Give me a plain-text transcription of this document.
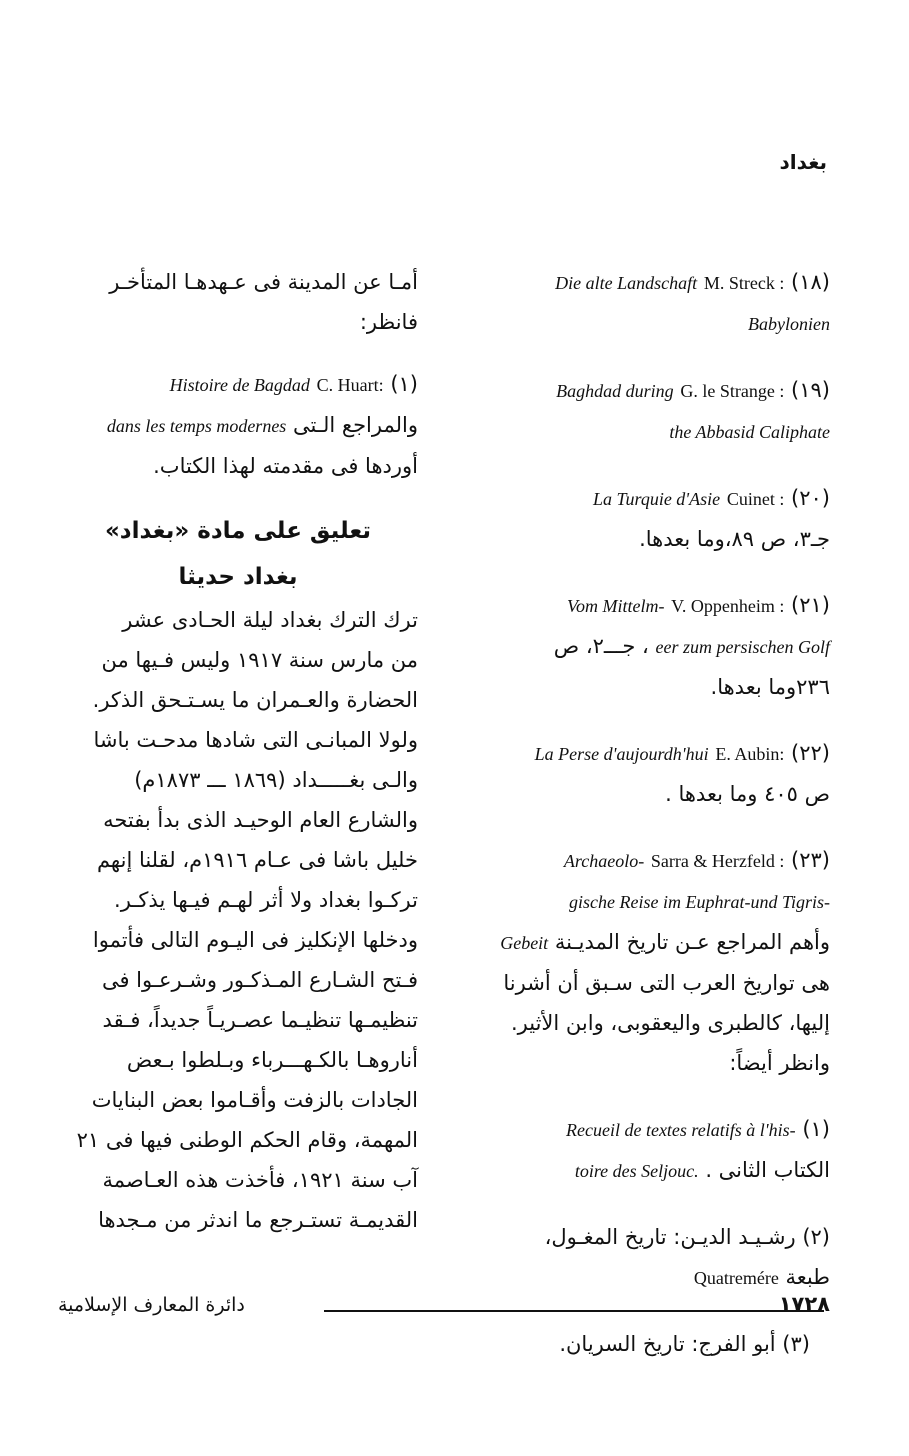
بغداد

أمـا عن المدينة فى عـهدهـا المتأخـر

فانظر:

(١) C. Huart: Histoire de Bagdad

والمراجع الـتى dans les temps modernes

أوردها فى مقدمته لهذا الكتاب.

تعليق على مادة «بغداد»

بغداد حديثا

ترك الترك بغداد ليلة الحـادى عشر

من مارس سنة ١٩١٧ وليس فـيها من

الحضارة والعـمران ما يسـتـحق الذكر.

ولولا المبانـى التى شادها مدحـت باشا

والـى بغـــــداد (١٨٦٩ ـــ ١٨٧٣م)

والشارع العام الوحيـد الذى بدأ بفتحه

خليل باشا فى عـام ١٩١٦م، لقلنا إنهم

تركـوا بغداد ولا أثر لهـم فيـها يذكـر.

ودخلها الإنكليز فى اليـوم التالى فأتموا

فـتح الشـارع المـذكـور وشـرعـوا فى

تنظيمـها تنظيـما عصـريـاً جديداً، فـقد

أناروهـا بالكـهـــرباء وبـلطوا بـعض

الجادات بالزفت وأقـاموا بعض البنايات

المهمة، وقام الحكم الوطنى فيها فى ٢١

آب سنة ١٩٢١، فأخذت هذه العـاصمة

القديمـة تستـرجع ما اندثر من مـجدها

(١٨) M. Streck : Die alte Landschaft

Babylonien

(١٩) G. le Strange : Baghdad during

the Abbasid Caliphate

(٢٠) Cuinet : La Turquie d'Asie

جـ٣، ص ٨٩،وما بعدها.

(٢١) V. Oppenheim : Vom Mittelm-

eer zum persischen Golf ، جـــ٢، ص

٢٣٦وما بعدها.

(٢٢) E. Aubin: La Perse d'aujourdh'hui

ص ٤٠٥ وما بعدها .

(٢٣) Sarra & Herzfeld : Archaeolo-

gische Reise im Euphrat-und Tigris-

وأهم المراجع عـن تاريخ المديـنة Gebeit

هى تواريخ العرب التى سـبق أن أشرنا

إليها، كالطبرى واليعقوبى، وابن الأثير.

وانظر أيضاً:

(١) Recueil de textes relatifs à l'his-

الكتاب الثانى . toire des Seljouc.

(٢) رشـيـد الديـن: تاريخ المغـول،

طبعة Quatremére

(٣) أبو الفرج: تاريخ السريان.

دائرة المعارف الإسلامية	١٧٢٨
